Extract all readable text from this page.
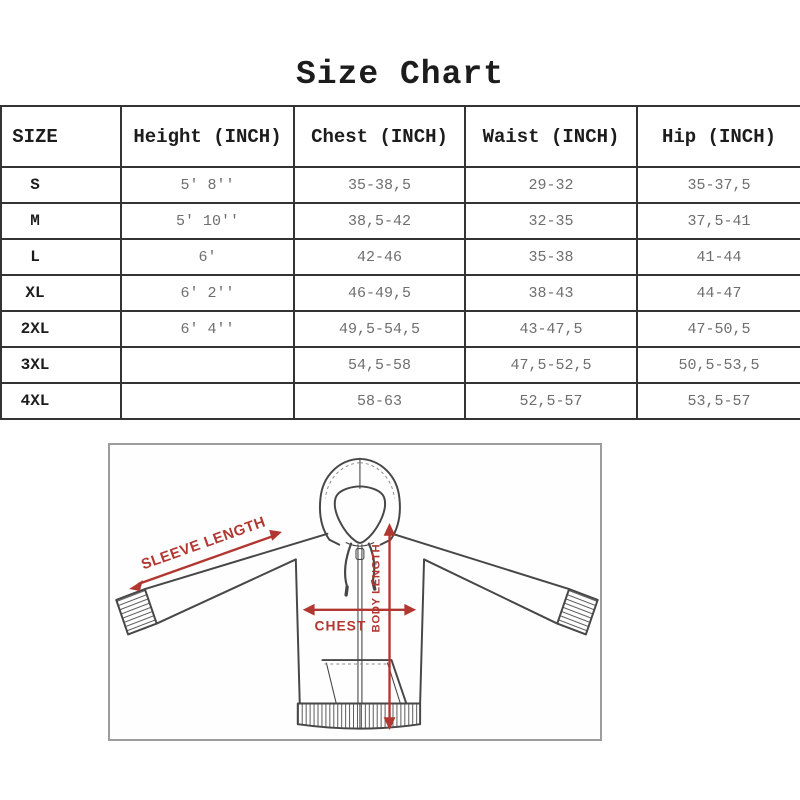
Size Chart
SIZE	Height (INCH)	Chest (INCH)	Waist (INCH)	Hip (INCH)
S	5' 8''	35-38,5	29-32	35-37,5
M	5' 10''	38,5-42	32-35	37,5-41
L	6'	42-46	35-38	41-44
XL	6' 2''	46-49,5	38-43	44-47
2XL	6' 4''	49,5-54,5	43-47,5	47-50,5
3XL		54,5-58	47,5-52,5	50,5-53,5
4XL		58-63	52,5-57	53,5-57
SLEEVE LENGTH
CHEST BODY LENGTH
